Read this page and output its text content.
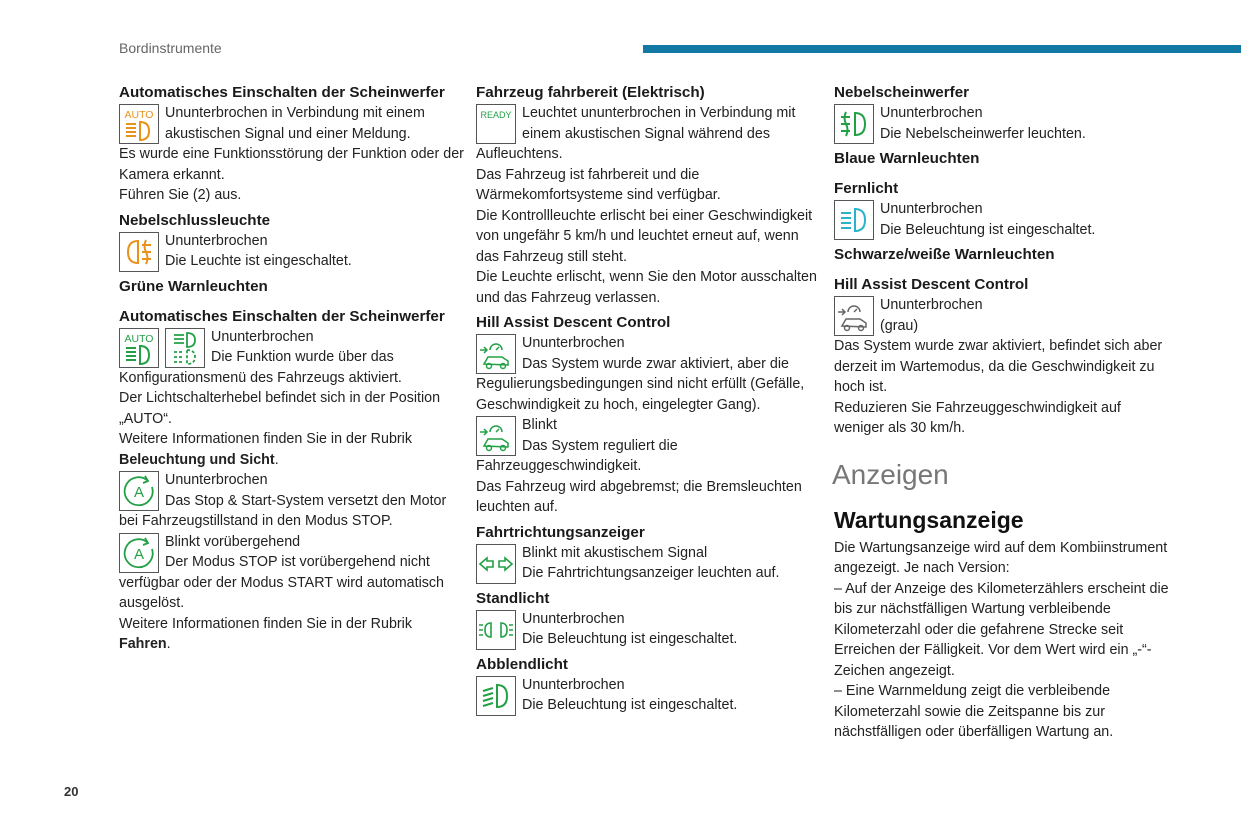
Bordinstrumente
20
Automatisches Einschalten der Scheinwerfer
AUTO Ununterbrochen in Verbindung mit einem

akustischen Signal und einer Meldung.

Es wurde eine Funktionsstörung der Funktion oder der Kamera erkannt.

Führen Sie (2) aus.

Nebelschlussleuchte

Ununterbrochen

Die Leuchte ist eingeschaltet.

Grüne Warnleuchten
Automatisches Einschalten der Scheinwerfer
AUTO	Ununterbrochen

Die Funktion wurde über das

Konfigurationsmenü des Fahrzeugs aktiviert.

Der Lichtschalterhebel befindet sich in der Position „AUTO“.

Weitere Informationen finden Sie in der Rubrik Beleuchtung und Sicht.

A

Ununterbrochen

Das Stop & Start-System versetzt den Motor

bei Fahrzeugstillstand in den Modus STOP.

A

Blinkt vorübergehend

Der Modus STOP ist vorübergehend nicht

verfügbar oder der Modus START wird automatisch ausgelöst.

Weitere Informationen finden Sie in der Rubrik

Fahren.

Fahrzeug fahrbereit (Elektrisch)
READY Leuchtet ununterbrochen in Verbindung mit

einem akustischen Signal während des

Aufleuchtens.

Das Fahrzeug ist fahrbereit und die Wärmekomfortsysteme sind verfügbar.

Die Kontrollleuchte erlischt bei einer Geschwindigkeit von ungefähr 5 km/h und leuchtet erneut auf, wenn das Fahrzeug still steht.

Die Leuchte erlischt, wenn Sie den Motor ausschalten und das Fahrzeug verlassen.

Hill Assist Descent Control

Ununterbrochen

Das System wurde zwar aktiviert, aber die

Regulierungsbedingungen sind nicht erfüllt (Gefälle, Geschwindigkeit zu hoch, eingelegter Gang).

Blinkt

Das System reguliert die

Fahrzeuggeschwindigkeit.

Das Fahrzeug wird abgebremst; die Bremsleuchten leuchten auf.

Fahrtrichtungsanzeiger

Blinkt mit akustischem Signal

Die Fahrtrichtungsanzeiger leuchten auf.

Standlicht

Ununterbrochen

Die Beleuchtung ist eingeschaltet.

Abblendlicht

Ununterbrochen

Die Beleuchtung ist eingeschaltet.

Nebelscheinwerfer

Ununterbrochen

Die Nebelscheinwerfer leuchten.

Blaue Warnleuchten
Fernlicht

Ununterbrochen

Die Beleuchtung ist eingeschaltet.

Schwarze/weiße Warnleuchten
Hill Assist Descent Control

Ununterbrochen

(grau)

Das System wurde zwar aktiviert, befindet sich aber derzeit im Wartemodus, da die Geschwindigkeit zu hoch ist.

Reduzieren Sie Fahrzeuggeschwindigkeit auf weniger als 30 km/h.

Anzeigen
Wartungsanzeige

Die Wartungsanzeige wird auf dem Kombiinstrument angezeigt. Je nach Version:

– Auf der Anzeige des Kilometerzählers erscheint die bis zur nächstfälligen Wartung verbleibende Kilometerzahl oder die gefahrene Strecke seit Erreichen der Fälligkeit. Vor dem Wert wird ein „-“-Zeichen angezeigt.

– Eine Warnmeldung zeigt die verbleibende Kilometerzahl sowie die Zeitspanne bis zur nächstfälligen oder überfälligen Wartung an.
